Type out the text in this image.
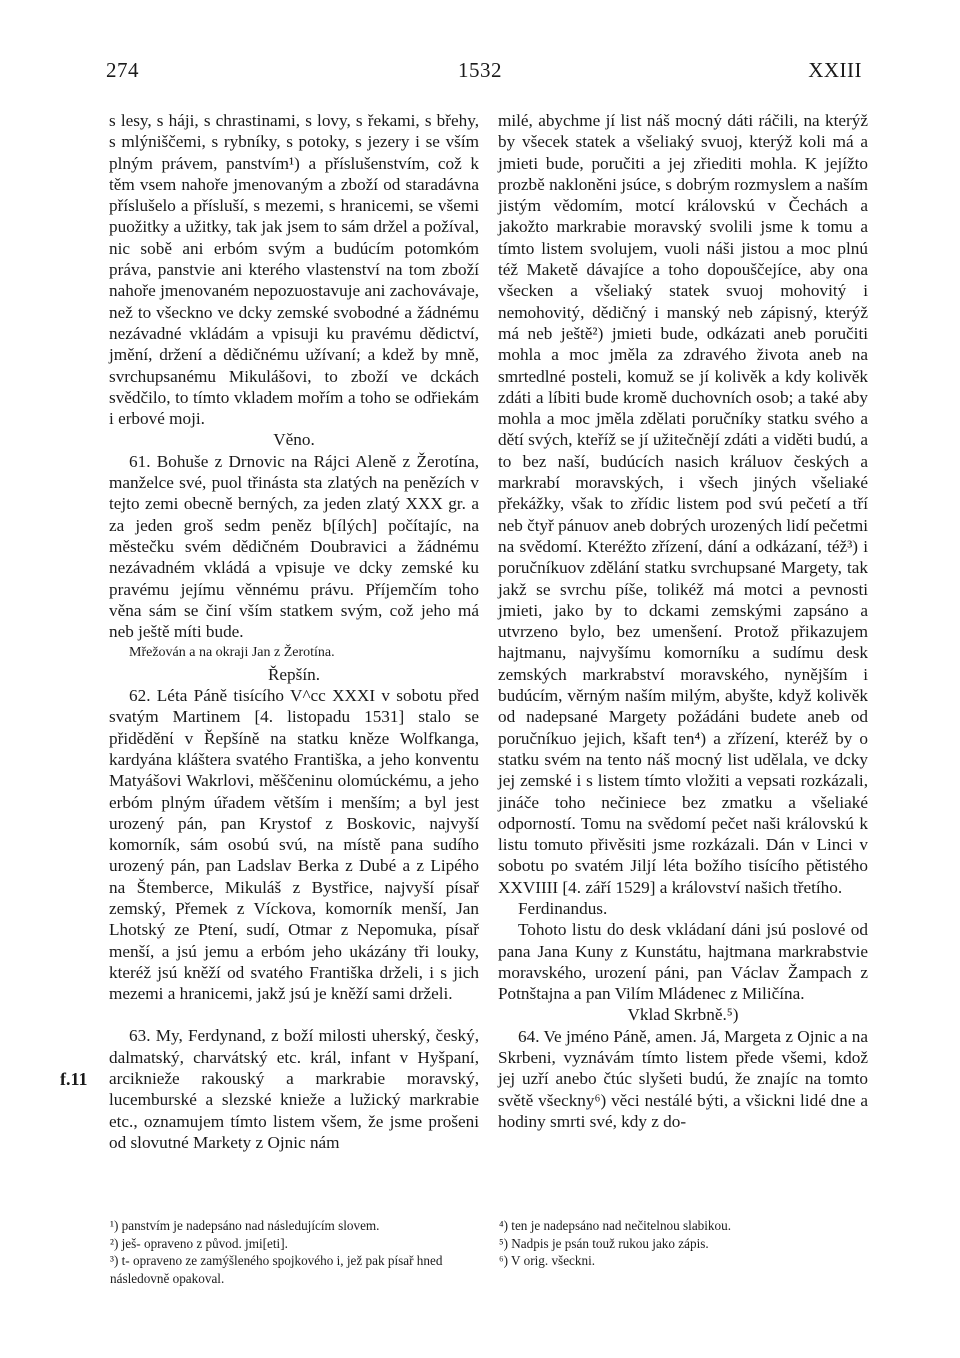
274	1532	XXIII

s lesy, s háji, s chrastinami, s lovy, s řekami, s břehy, s mlýniščemi, s rybníky, s potoky, s jezery i se vším plným právem, panstvím¹) a příslušenstvím, což k těm vsem nahoře jmenovaným a zboží od staradávna příslušelo a přísluší, s mezemi, s hranicemi, se všemi puožitky a užitky, tak jak jsem to sám držel a požíval, nic sobě ani erbóm svým a budúcím potomkóm práva, panstvie ani kterého vlastenství na tom zboží nahoře jmenovaném nepozuostavuje ani zachovávaje, než to všeckno ve dcky zemské svobodné a žádnému nezávadné vkládám a vpisuji ku pravému dědictví, jmění, držení a dědičnému užívaní; a kdež by mně, svrchupsanému Mikulášovi, to zboží ve dckách svědčilo, to tímto vkladem mořím a toho se odřiekám i erbové moji.

Věno.

61. Bohuše z Drnovic na Rájci Aleně z Žerotína, manželce své, puol třinásta sta zlatých na penězích v tejto zemi obecně berných, za jeden zlatý XXX gr. a za jeden groš sedm peněz b[ílých] počítajíc, na městečku svém dědičném Doubravici a žádnému nezávadném vkládá a vpisuje ve dcky zemské ku pravému jejímu věnnému právu. Příjemčím toho věna sám se činí vším statkem svým, což jeho má neb ještě míti bude.

Mřežován a na okraji Jan z Žerotína.

Řepšín.

62. Léta Páně tisícího V^cc XXXI v sobotu před svatým Martinem [4. listopadu 1531] stalo se přiděděnί v Řepšíně na statku kněze Wolfkanga, kardyána kláštera svatého Františka, a jeho konventu Matyášovi Wakrlovi, měščeninu olomúckému, a jeho erbóm plným úřadem větším i menším; a byl jest urozený pán, pan Krystof z Boskovic, najvyší komorník, sám osobú svú, na místě pana sudího urozený pán, pan Ladslav Berka z Dubé a z Lipého na Štemberce, Mikuláš z Bystřice, najvyší písař zemský, Přemek z Víckova, komorník menší, Jan Lhotský ze Ptení, sudí, Otmar z Nepomuka, písař menší, a jsú jemu a erbóm jeho ukázány tři louky, kteréž jsú kněží od svatého Františka drželi, i s jich mezemi a hranicemi, jakž jsú je kněží sami drželi.

63. My, Ferdynand, z boží milosti uherský, český, dalmatský, charvátský etc. král, infant v Hyšpaní, arciknieže rakouský a markrabie moravský, lucemburské a slezské knieže a lužický markrabie etc., oznamujem tímto listem všem, že jsme prošeni od slovutné Markety z Ojnic nám

f.11

milé, abychme jí list náš mocný dáti ráčili, na kterýž by všecek statek a všeliaký svuoj, kterýž koli má a jmieti bude, poručiti a jej zřiediti mohla. K jejížto prozbě nakloněni jsúce, s dobrým rozmyslem a naším jistým vědomím, motcí královskú v Čechách a jakožto markrabie moravský svolili jsme k tomu a tímto listem svolujem, vuoli náši jistou a moc plnú též Maketě dávajíce a toho dopouščejíce, aby ona všecken a všeliaký statek svuoj mohovitý i nemohovitý, dědičný i manský neb zápisný, kterýž má neb ještě²) jmieti bude, odkázati aneb poručiti mohla a moc jměla za zdravého života aneb na smrtedlné posteli, komuž se jí kolivěk a kdy kolivěk zdáti a líbiti bude kromě duchovních osob; a také aby mohla a moc jměla zdělati poručníky statku svého a dětí svých, kteříž se jí užitečnějí zdáti a viděti budú, a to bez naší, budúcích nasich králuov českých a markrabí moravských, i všech jiných všeliaké překážky, však to zřídic listem pod svú pečetí a tří neb čtyř pánuov aneb dobrých urozených lidí pečetmi na svědomí. Kteréžto zřízení, dání a odkázaní, též³) i poručníkuov zdělání statku svrchupsané Margety, tak jakž se svrchu píše, tolikéž má motci a pevnosti jmieti, jako by to dckami zemskými zapsáno a utvrzeno bylo, bez umenšení. Protož přikazujem hajtmanu, najvyšímu komorníku a sudímu desk zemských markrabství moravského, nynějším i budúcím, věrným naším milým, abyšte, když kolivěk od nadepsané Margety požádáni budete aneb od poručníkuo jejich, kšaft ten⁴) a zřízení, kteréž by o statku svém na tento náš mocný list udělala, ve dcky jej zemské i s listem tímto vložiti a vepsati rozkázali, jináče toho nečiniece bez zmatku a všeliaké odporností. Tomu na svědomí pečet naši královskú k listu tomuto přivěsiti jsme rozkázali. Dán v Linci v sobotu po svatém Jiljí léta božího tisícího pětistého XXVIIII [4. září 1529] a království našich třetího.

Ferdinandus.

Tohoto listu do desk vkládaní dáni jsú poslové od pana Jana Kuny z Kunstátu, hajtmana markrabstvie moravského, urození páni, pan Václav Žampach z Potnštajna a pan Vilím Mládenec z Miličína.

Vklad Skrbně.⁵)

64. Ve jméno Páně, amen. Já, Margeta z Ojnic a na Skrbeni, vyznávám tímto listem přede všemi, kdož jej uzří anebo čtúc slyšeti budú, že znajíc na tomto světě všeckny⁶) věci nestálé býti, a všickni lidé dne a hodiny smrti své, kdy z do-

¹) panstvím je nadepsáno nad následujícím slovem.
²) ješ- opraveno z původ. jmi[eti].
³) t- opraveno ze zamýšleného spojkového i, jež pak písař hned následovně opakoval.
⁴) ten je nadepsáno nad nečitelnou slabikou.
⁵) Nadpis je psán touž rukou jako zápis.
⁶) V orig. všeckni.
